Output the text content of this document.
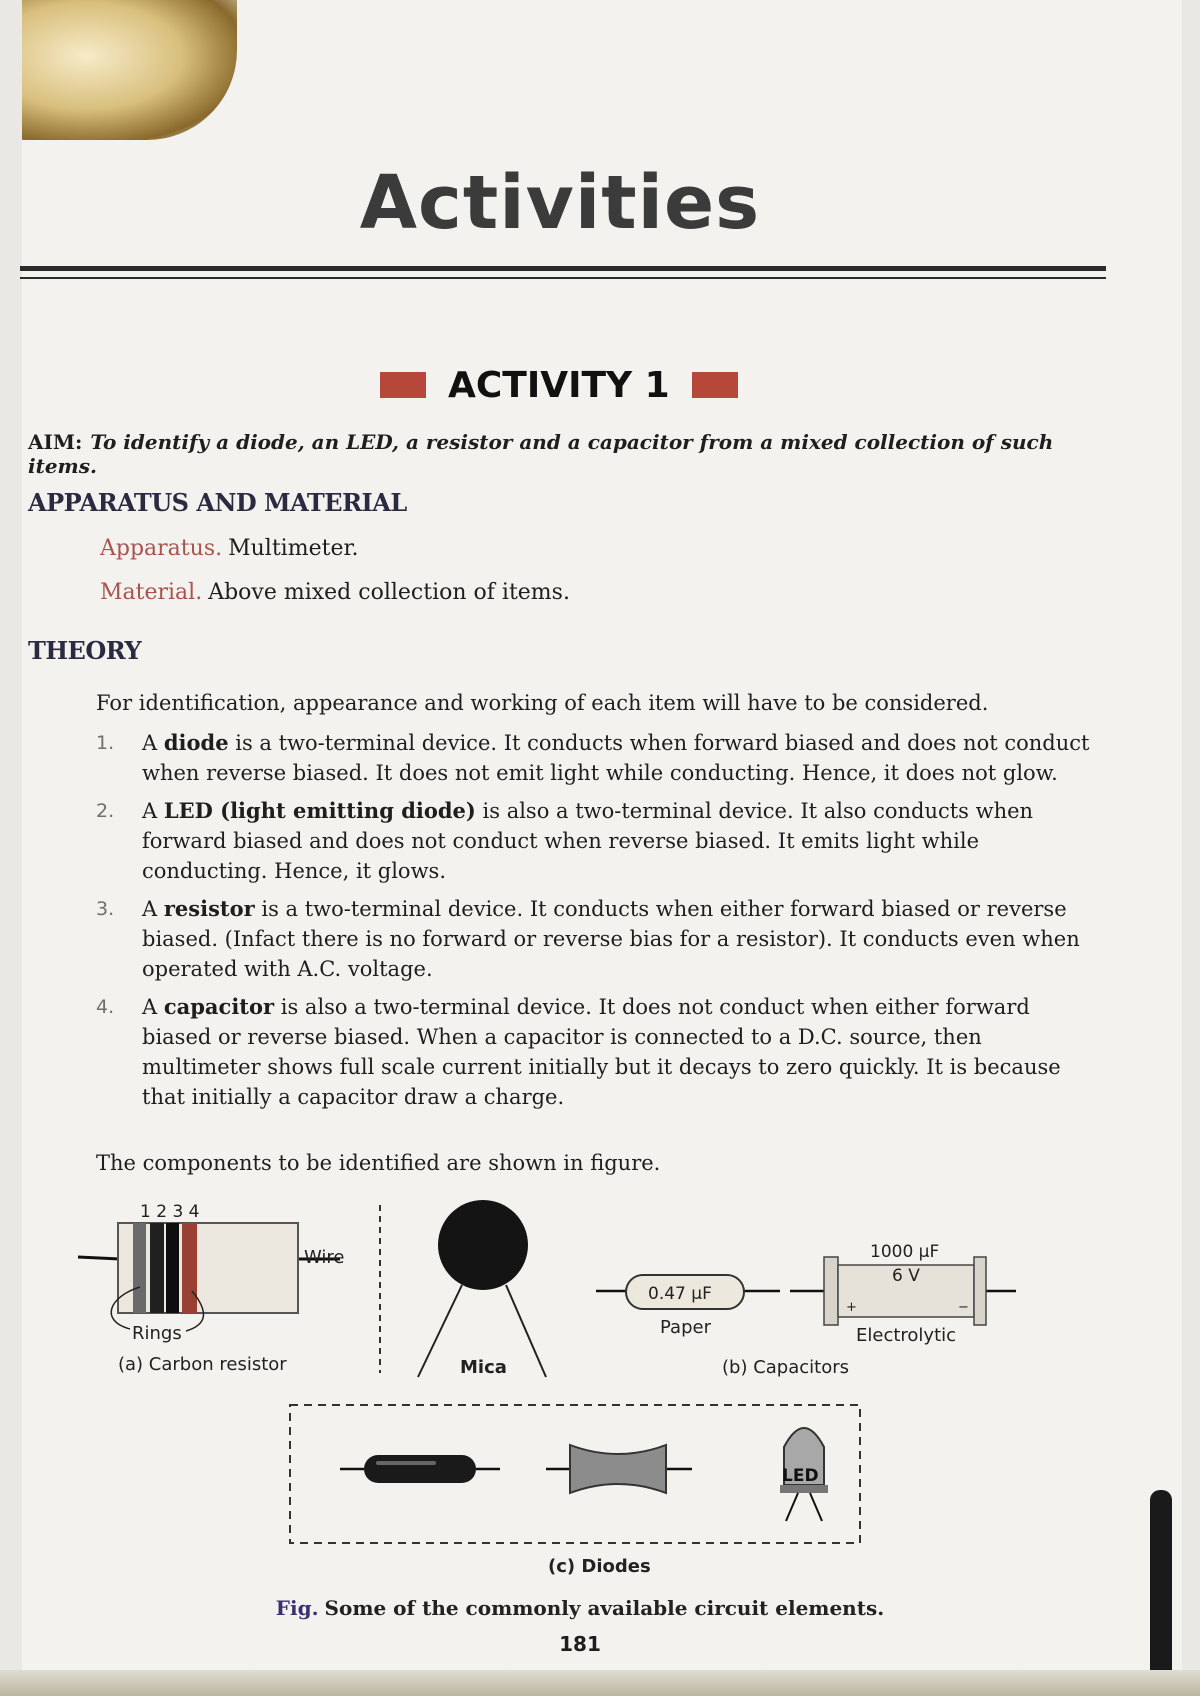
Activities
ACTIVITY 1
AIM: To identify a diode, an LED, a resistor and a capacitor from a mixed collection of such items.
APPARATUS AND MATERIAL
Apparatus. Multimeter.
Material. Above mixed collection of items.
THEORY
For identification, appearance and working of each item will have to be considered.
1. A diode is a two-terminal device. It conducts when forward biased and does not conduct when reverse biased. It does not emit light while conducting. Hence, it does not glow.
2. A LED (light emitting diode) is also a two-terminal device. It also conducts when forward biased and does not conduct when reverse biased. It emits light while conducting. Hence, it glows.
3. A resistor is a two-terminal device. It conducts when either forward biased or reverse biased. (Infact there is no forward or reverse bias for a resistor). It conducts even when operated with A.C. voltage.
4. A capacitor is also a two-terminal device. It does not conduct when either forward biased or reverse biased. When a capacitor is connected to a D.C. source, then multimeter shows full scale current initially but it decays to zero quickly. It is because that initially a capacitor draw a charge.
The components to be identified are shown in figure.
1 2 3 4
Wire
Rings
(a) Carbon resistor	Mica
0.47 μF
Paper
1000 μF
6 V
+	−
Electrolytic
(b) Capacitors
LED
(c) Diodes
Fig. Some of the commonly available circuit elements.
181
